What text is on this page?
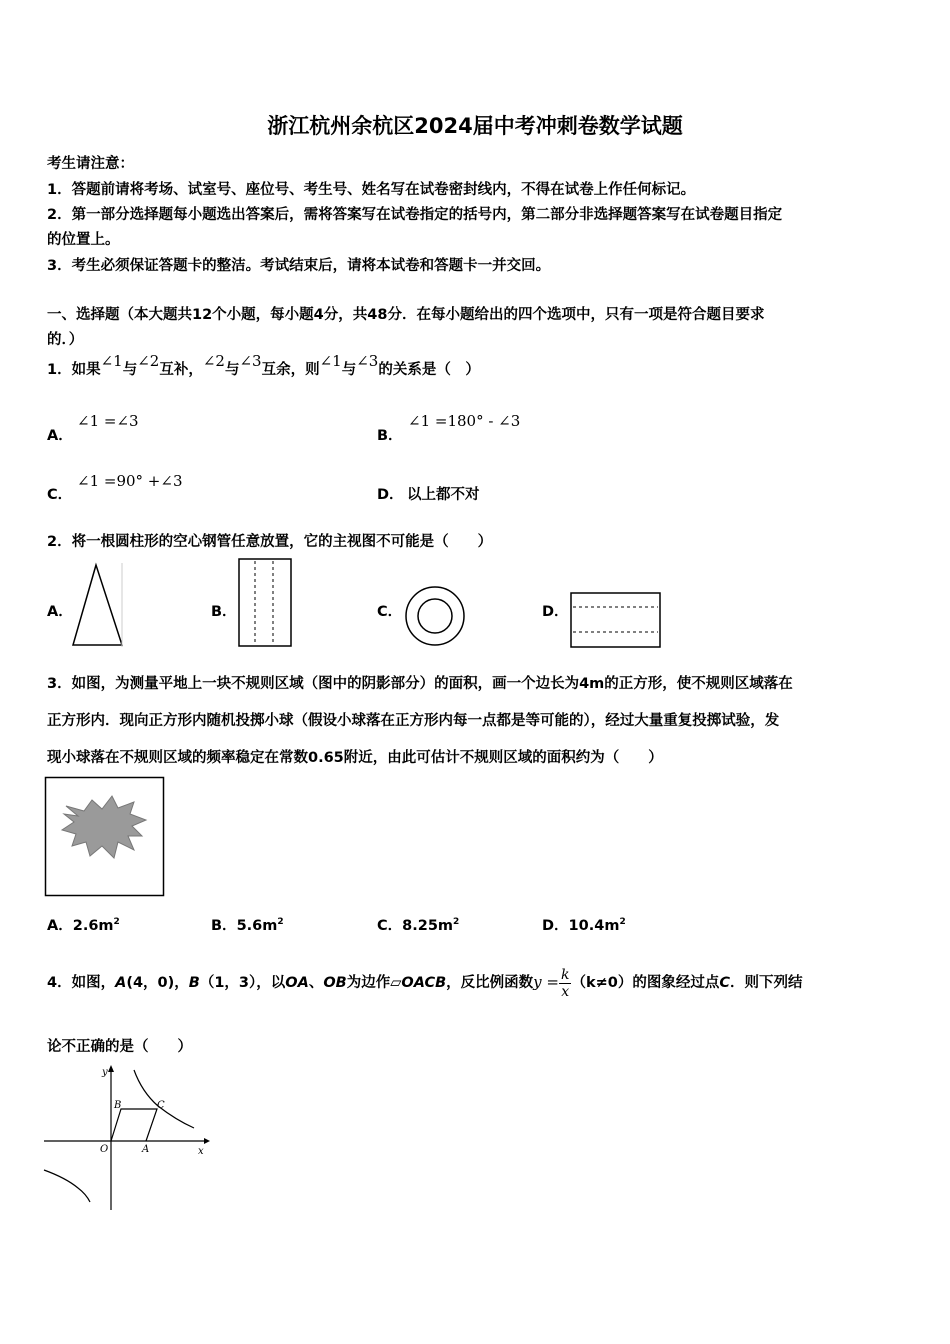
浙江杭州余杭区2024届中考冲刺卷数学试题
考生请注意：
1．答题前请将考场、试室号、座位号、考生号、姓名写在试卷密封线内，不得在试卷上作任何标记。
2．第一部分选择题每小题选出答案后，需将答案写在试卷指定的括号内，第二部分非选择题答案写在试卷题目指定
的位置上。
3．考生必须保证答题卡的整洁。考试结束后，请将本试卷和答题卡一并交回。
一、选择题（本大题共12个小题，每小题4分，共48分．在每小题给出的四个选项中，只有一项是符合题目要求
的．）
1．如果∠1与∠2互补，∠2与∠3互余，则∠1与∠3的关系是（　）
A．
∠1 =∠3
B．
∠1 =180° - ∠3
C．
∠1 =90° +∠3
D． 以上都不对
2．将一根圆柱形的空心钢管任意放置，它的主视图不可能是（　　）
A．	B．	C．	D．
3．如图，为测量平地上一块不规则区域（图中的阴影部分）的面积，画一个边长为4m的正方形，使不规则区域落在
正方形内．现向正方形内随机投掷小球（假设小球落在正方形内每一点都是等可能的），经过大量重复投掷试验，发
现小球落在不规则区域的频率稳定在常数0.65附近，由此可估计不规则区域的面积约为（　　）
A．$2.6m^2$	B．$5.6m^2$	C．$8.25m^2$	D．$10.4m^2$
4．如图，A(4，0)，B（1，3），以OA、OB为边作▱OACB，反比例函数$y = \frac{k}{x} (k\ne 0)$的图象经过点C．则下列结
论不正确的是（　　）
y
x
O	A
B	C
